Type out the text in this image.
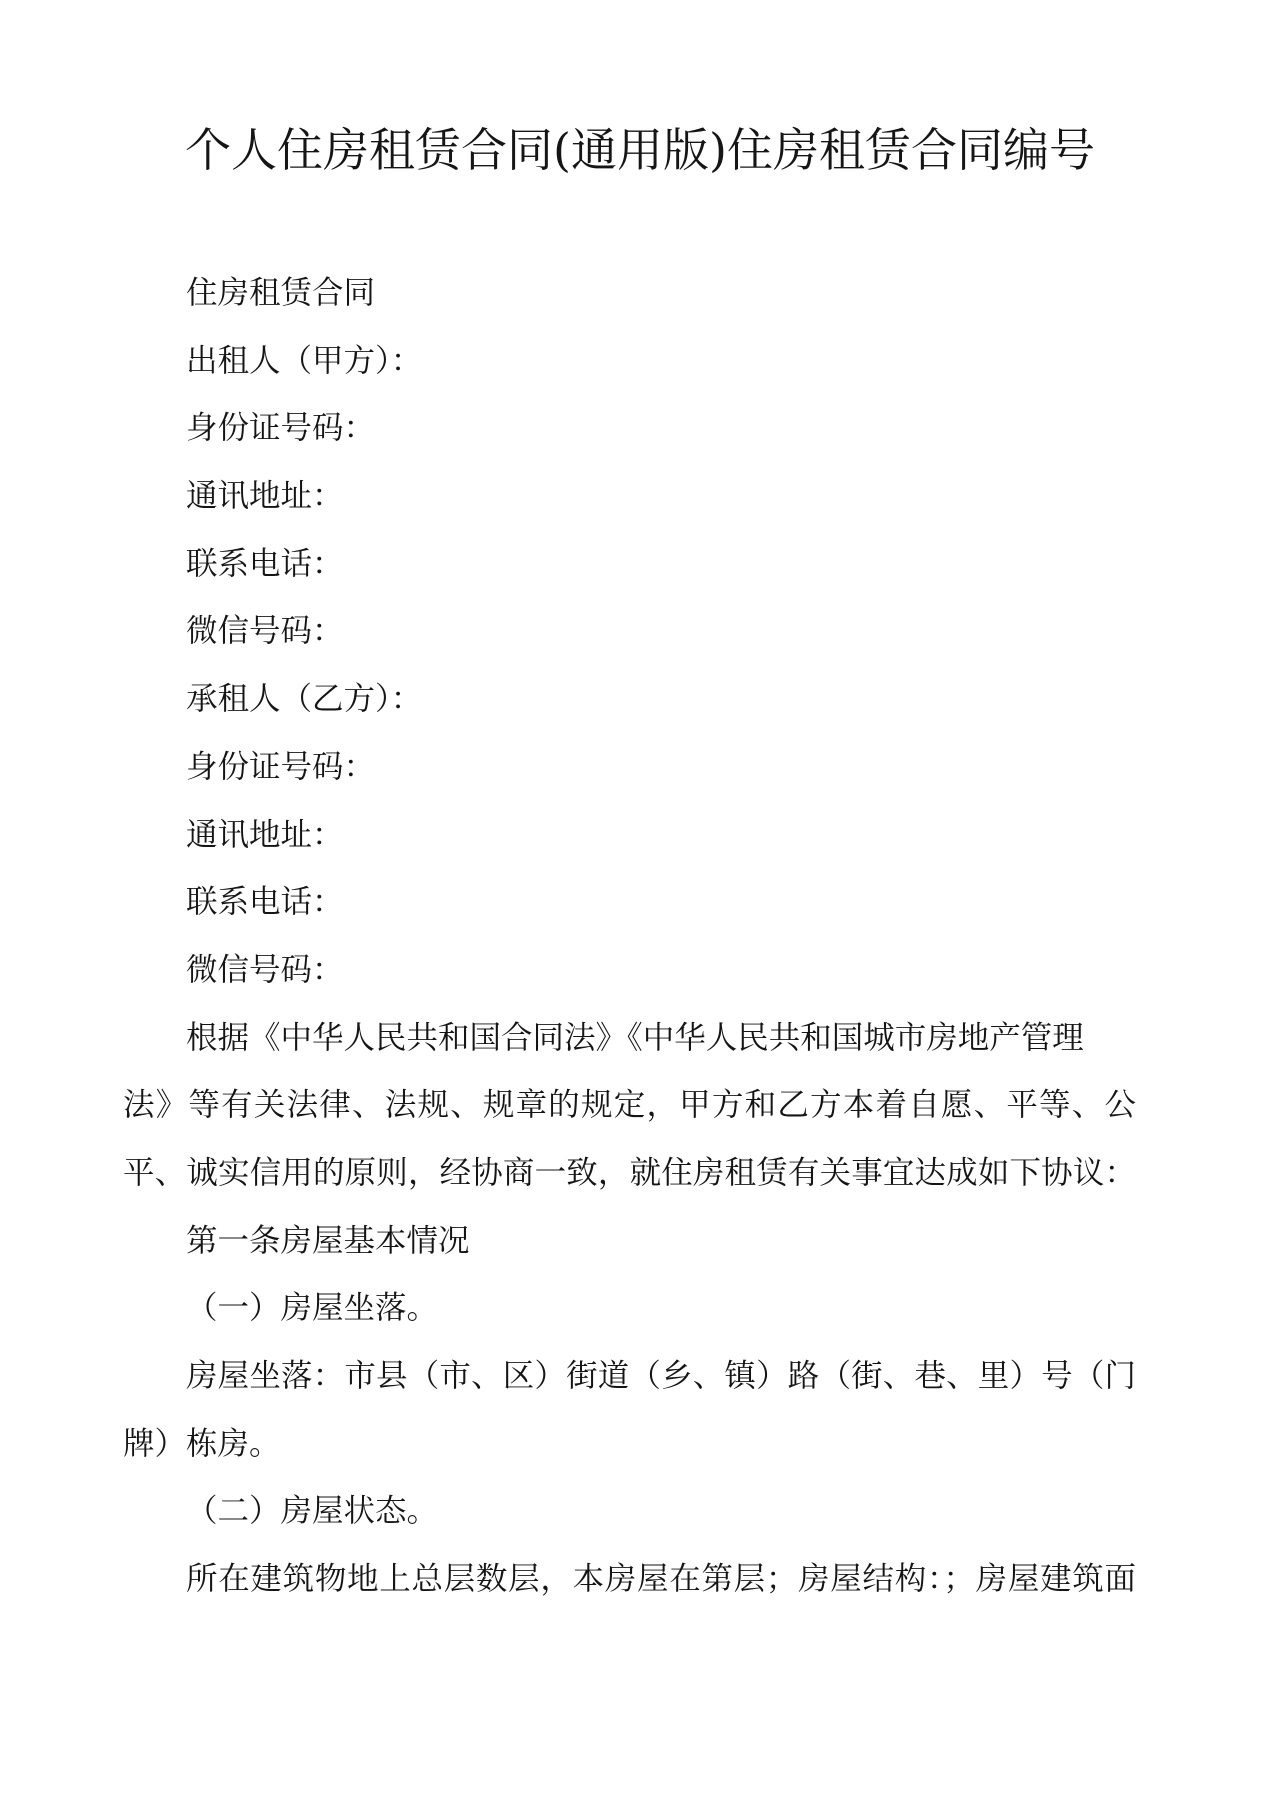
个人住房租赁合同(通用版)住房租赁合同编号

住房租赁合同

出租人（甲方）：

身份证号码：

通讯地址：

联系电话：

微信号码：

承租人（乙方）：

身份证号码：

通讯地址：

联系电话：

微信号码：

根据《中华人民共和国合同法》《中华人民共和国城市房地产管理
法》等有关法律、法规、规章的规定，甲方和乙方本着自愿、平等、公
平、诚实信用的原则，经协商一致，就住房租赁有关事宜达成如下协议：

第一条房屋基本情况

（一）房屋坐落。

房屋坐落：市县（市、区）街道（乡、镇）路（街、巷、里）号（门
牌）栋房。

（二）房屋状态。

所在建筑物地上总层数层，本房屋在第层；房屋结构：；房屋建筑面
